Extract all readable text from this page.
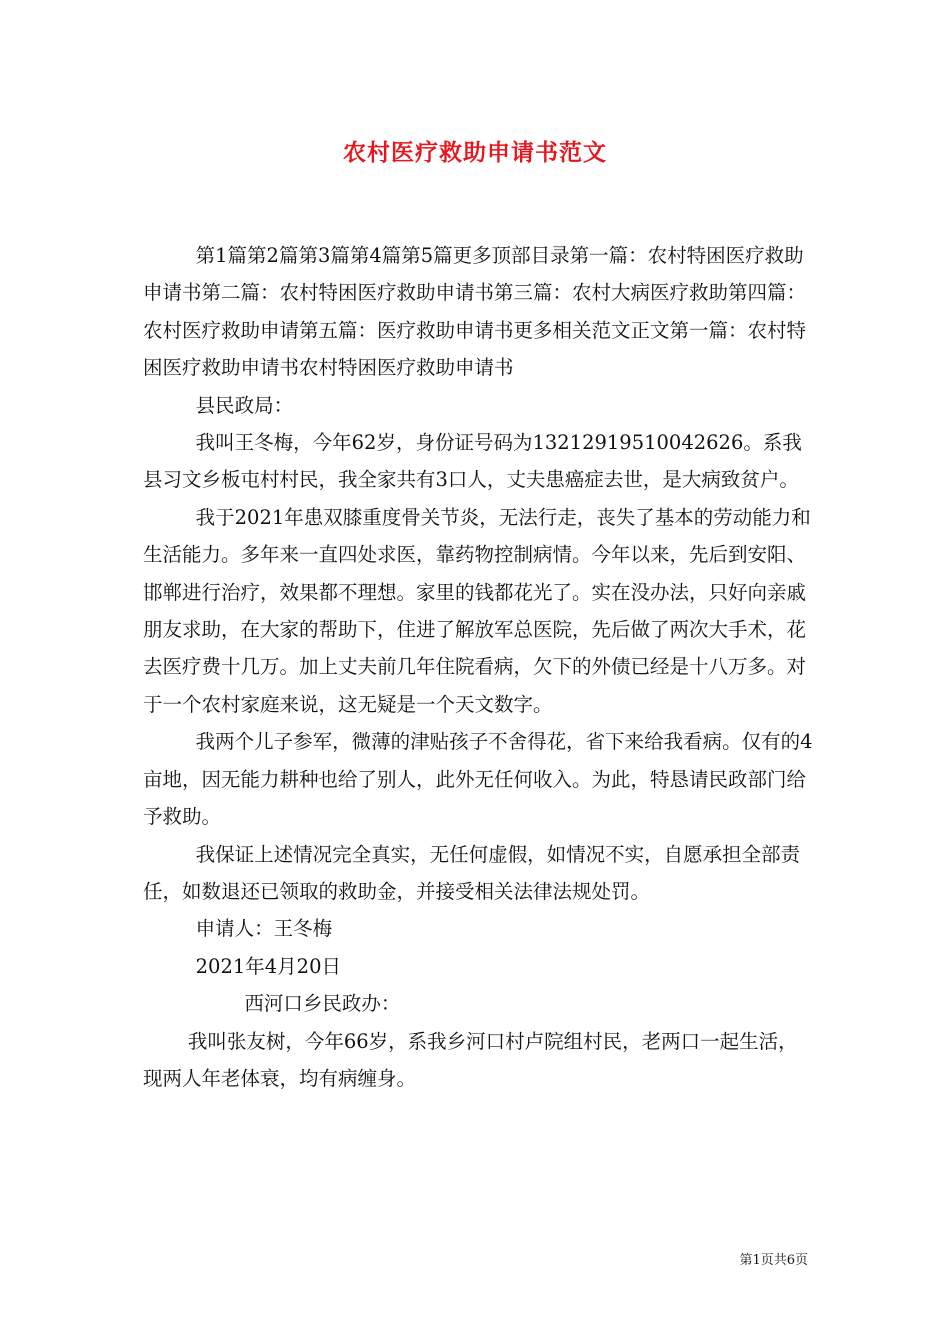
农村医疗救助申请书范文

第1篇第2篇第3篇第4篇第5篇更多顶部目录第一篇：农村特困医疗救助申请书第二篇：农村特困医疗救助申请书第三篇：农村大病医疗救助第四篇：农村医疗救助申请第五篇：医疗救助申请书更多相关范文正文第一篇：农村特困医疗救助申请书农村特困医疗救助申请书

县民政局：

我叫王冬梅，今年62岁，身份证号码为13212919510042626。系我县习文乡板屯村村民，我全家共有3口人，丈夫患癌症去世，是大病致贫户。

我于2021年患双膝重度骨关节炎，无法行走，丧失了基本的劳动能力和生活能力。多年来一直四处求医，靠药物控制病情。今年以来，先后到安阳、邯郸进行治疗，效果都不理想。家里的钱都花光了。实在没办法，只好向亲戚朋友求助，在大家的帮助下，住进了解放军总医院，先后做了两次大手术，花去医疗费十几万。加上丈夫前几年住院看病，欠下的外债已经是十八万多。对于一个农村家庭来说，这无疑是一个天文数字。

我两个儿子参军，微薄的津贴孩子不舍得花，省下来给我看病。仅有的4亩地，因无能力耕种也给了别人，此外无任何收入。为此，特恳请民政部门给予救助。

我保证上述情况完全真实，无任何虚假，如情况不实，自愿承担全部责任，如数退还已领取的救助金，并接受相关法律法规处罚。

申请人：王冬梅

2021年4月20日

西河口乡民政办：

我叫张友树，今年66岁，系我乡河口村卢院组村民，老两口一起生活，现两人年老体衰，均有病缠身。

第1页共6页
